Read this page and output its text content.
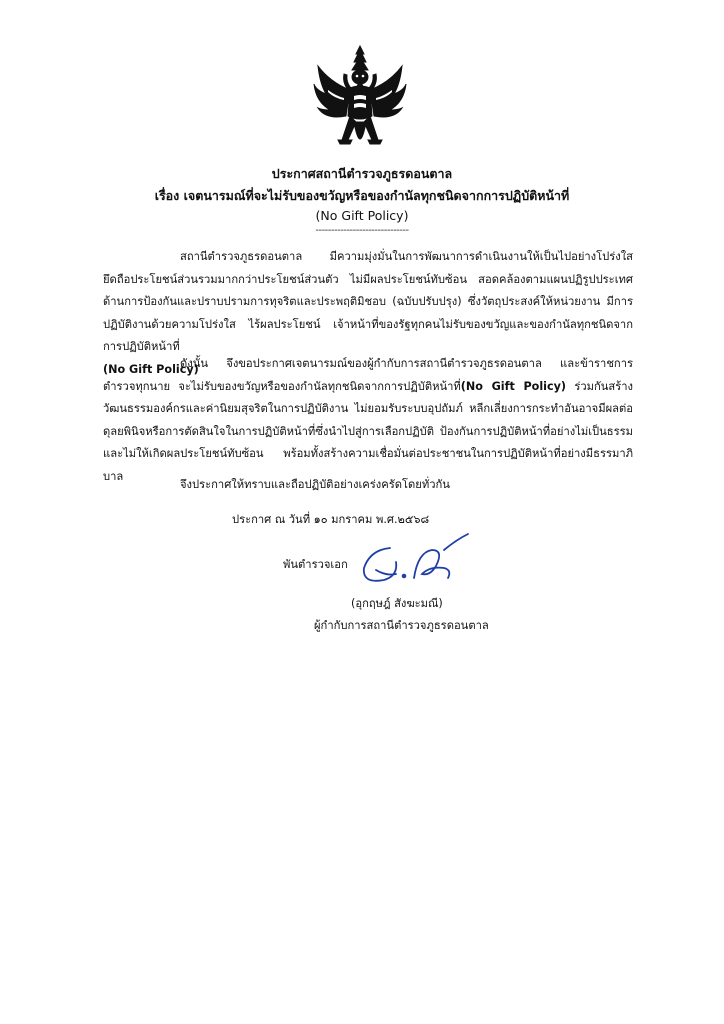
ประกาศสถานีตำรวจภูธรดอนตาล
เรื่อง เจตนารมณ์ที่จะไม่รับของขวัญหรือของกำนัลทุกชนิดจากการปฏิบัติหน้าที่
(No Gift Policy)
------------------------------
สถานีตำรวจภูธรดอนตาล มีความมุ่งมั่นในการพัฒนาการดำเนินงานให้เป็นไปอย่างโปร่งใสยึดถือประโยชน์ส่วนรวมมากกว่าประโยชน์ส่วนตัว ไม่มีผลประโยชน์ทับซ้อน สอดคล้องตามแผนปฏิรูปประเทศด้านการป้องกันและปราบปรามการทุจริตและประพฤติมิชอบ (ฉบับปรับปรุง) ซึ่งวัตถุประสงค์ให้หน่วยงาน มีการปฏิบัติงานด้วยความโปร่งใส ไร้ผลประโยชน์ เจ้าหน้าที่ของรัฐทุกคนไม่รับของขวัญและของกำนัลทุกชนิดจากการปฏิบัติหน้าที่
(No Gift Policy)
ดังนั้น จึงขอประกาศเจตนารมณ์ของผู้กำกับการสถานีตำรวจภูธรดอนตาล และข้าราชการตำรวจทุกนาย จะไม่รับของขวัญหรือของกำนัลทุกชนิดจากการปฏิบัติหน้าที่(No Gift Policy) ร่วมกันสร้างวัฒนธรรมองค์กรและค่านิยมสุจริตในการปฏิบัติงาน ไม่ยอมรับระบบอุปถัมภ์ หลีกเลี่ยงการกระทำอันอาจมีผลต่อดุลยพินิจหรือการตัดสินใจในการปฏิบัติหน้าที่ซึ่งนำไปสู่การเลือกปฏิบัติ ป้องกันการปฏิบัติหน้าที่อย่างไม่เป็นธรรมและไม่ให้เกิดผลประโยชน์ทับซ้อน พร้อมทั้งสร้างความเชื่อมั่นต่อประชาชนในการปฏิบัติหน้าที่อย่างมีธรรมาภิบาล
จึงประกาศให้ทราบและถือปฏิบัติอย่างเคร่งครัดโดยทั่วกัน
ประกาศ ณ วันที่ ๑๐ มกราคม พ.ศ.๒๕๖๘
พันตำรวจเอก
(อุกฤษฎ์ สังฆะมณี)
ผู้กำกับการสถานีตำรวจภูธรดอนตาล
